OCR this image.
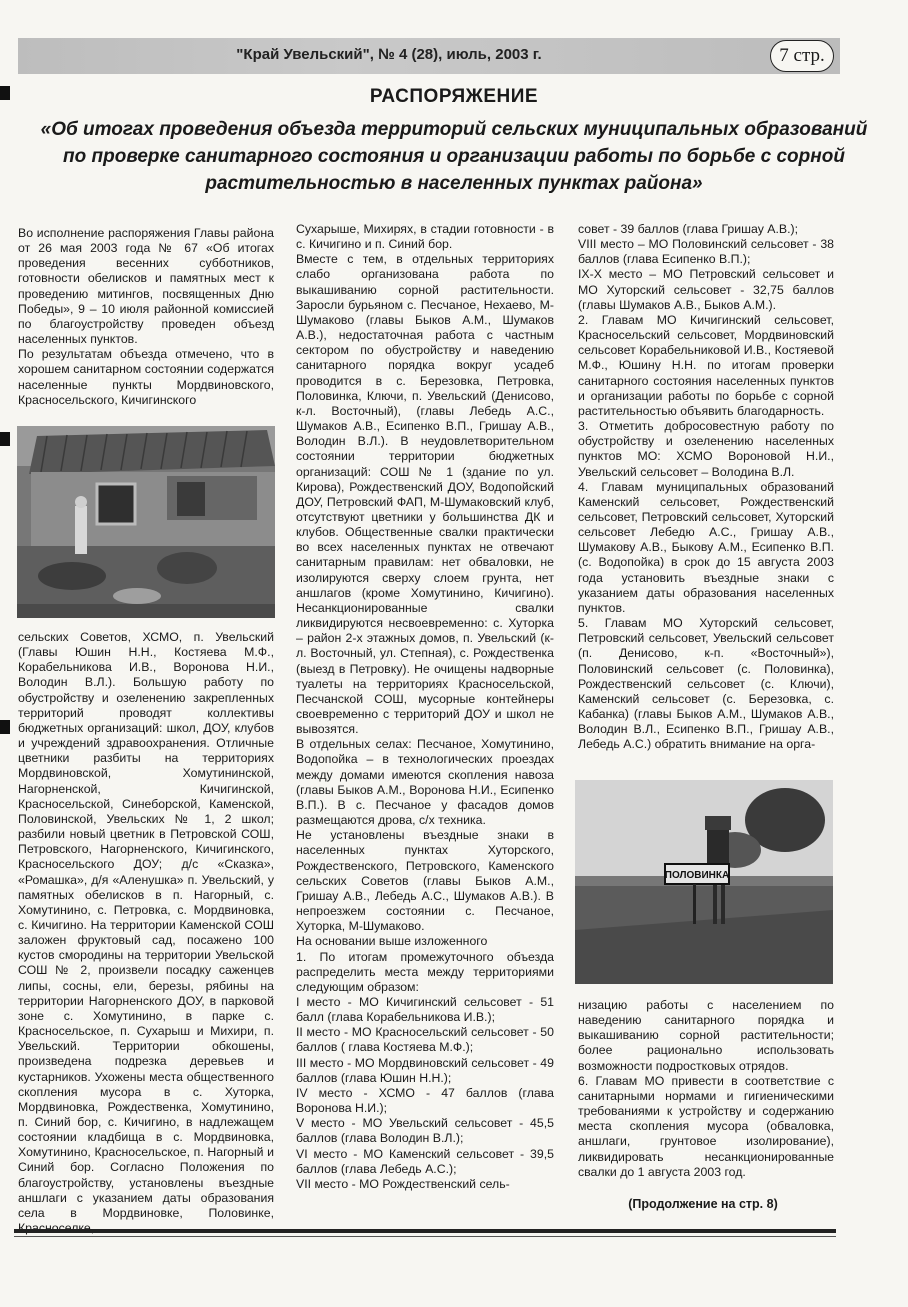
"Край Увельский", № 4 (28), июль, 2003 г.	7 стр.
РАСПОРЯЖЕНИЕ
«Об итогах проведения объезда территорий сельских муниципальных образований по проверке санитарного состояния и организации работы по борьбе с сорной растительностью в населенных пунктах района»
Во исполнение распоряжения Главы района от 26 мая 2003 года № 67 «Об итогах проведения весенних субботников, готовности обелисков и памятных мест к проведению митингов, посвященных Дню Победы», 9 – 10 июля районной комиссией по благоустройству проведен объезд населенных пунктов.
По результатам объезда отмечено, что в хорошем санитарном состоянии содержатся населенные пункты Мордвиновского, Красносельского, Кичигинского
сельских Советов, ХСМО, п. Увельский (Главы Юшин Н.Н., Костяева М.Ф., Корабельникова И.В., Воронова Н.И., Володин В.Л.). Большую работу по обустройству и озеленению закрепленных территорий проводят коллективы бюджетных организаций: школ, ДОУ, клубов и учреждений здравоохранения. Отличные цветники разбиты на территориях Мордвиновской, Хомутининской, Нагорненской, Кичигинской, Красносельской, Синеборской, Каменской, Половинской, Увельских № 1, 2 школ; разбили новый цветник в Петровской СОШ, Петровского, Нагорненского, Кичигинского, Красносельского ДОУ; д/с «Сказка», «Ромашка», д/я «Аленушка» п. Увельский, у памятных обелисков в п. Нагорный, с. Хомутинино, с. Петровка, с. Мордвиновка, с. Кичигино. На территории Каменской СОШ заложен фруктовый сад, посажено 100 кустов смородины на территории Увельской СОШ № 2, произвели посадку саженцев липы, сосны, ели, березы, рябины на территории Нагорненского ДОУ, в парковой зоне с. Хомутинино, в парке с. Красносельское, п. Сухарыш и Михири, п. Увельский. Территории обкошены, произведена подрезка деревьев и кустарников. Ухожены места общественного скопления мусора в с. Хуторка, Мордвиновка, Рождественка, Хомутинино, п. Синий бор, с. Кичигино, в надлежащем состоянии кладбища в с. Мордвиновка, Хомутинино, Красносельское, п. Нагорный и Синий бор. Согласно Положения по благоустройству, установлены въездные аншлаги с указанием даты образования села в Мордвиновке, Половинке,
Сухарыше, Михирях, в стадии готовности - в с. Кичигино и п. Синий бор.
Вместе с тем, в отдельных территориях слабо организована работа по выкашиванию сорной растительности. Заросли бурьяном с. Песчаное, Нехаево, М-Шумаково (главы Быков А.М., Шумаков А.В.), недостаточная работа с частным сектором по обустройству и наведению санитарного порядка вокруг усадеб проводится в с. Березовка, Петровка, Половинка, Ключи, п. Увельский (Денисово, к-л. Восточный), (главы Лебедь А.С., Шумаков А.В., Есипенко В.П., Гришау А.В., Володин В.Л.). В неудовлетворительном состоянии территории бюджетных организаций: СОШ № 1 (здание по ул. Кирова), Рождественский ДОУ, Водопойский ДОУ, Петровский ФАП, М-Шумаковский клуб, отсутствуют цветники у большинства ДК и клубов. Общественные свалки практически во всех населенных пунктах не отвечают санитарным правилам: нет обваловки, не изолируются сверху слоем грунта, нет аншлагов (кроме Хомутинино, Кичигино). Несанкционированные свалки ликвидируются несвоевременно: с. Хуторка – район 2-х этажных домов, п. Увельский (к-л. Восточный, ул. Степная), с. Рождественка (выезд в Петровку). Не очищены надворные туалеты на территориях Красносельской, Песчанской СОШ, мусорные контейнеры своевременно с территорий ДОУ и школ не вывозятся.
В отдельных селах: Песчаное, Хомутинино, Водопойка – в технологических проездах между домами имеются скопления навоза (главы Быков А.М., Воронова Н.И., Есипенко В.П.). В с. Песчаное у фасадов домов размещаются дрова, с/х техника.
Не установлены въездные знаки в населенных пунктах Хуторского, Рождественского, Петровского, Каменского сельских Советов (главы Быков А.М., Гришау А.В., Лебедь А.С., Шумаков А.В.). В непроезжем состоянии с. Песчаное, Хуторка, М-Шумаково.
На основании выше изложенного
1. По итогам промежуточного объезда распределить места между территориями следующим образом:
I место - МО Кичигинский сельсовет - 51 балл (глава Корабельникова И.В.);
II место - МО Красносельский сельсовет - 50 баллов ( глава Костяева М.Ф.);
III место - МО Мордвиновский сельсовет - 49 баллов (глава Юшин Н.Н.);
IV место - ХСМО - 47 баллов (глава Воронова Н.И.);
V место - МО Увельский сельсовет - 45,5 баллов (глава Володин В.Л.);
VI место - МО Каменский сельсовет - 39,5 баллов (глава Лебедь А.С.);
VII место - МО Рождественский сель-
совет - 39 баллов (глава Гришау А.В.);
VIII место – МО Половинский сельсовет - 38 баллов (глава Есипенко В.П.);
IX-X место – МО Петровский сельсовет и МО Хуторский сельсовет - 32,75 баллов (главы Шумаков А.В., Быков А.М.).
2. Главам МО Кичигинский сельсовет, Красносельский сельсовет, Мордвиновский сельсовет Корабельниковой И.В., Костяевой М.Ф., Юшину Н.Н. по итогам проверки санитарного состояния населенных пунктов и организации работы по борьбе с сорной растительностью объявить благодарность.
3. Отметить добросовестную работу по обустройству и озеленению населенных пунктов МО: ХСМО Вороновой Н.И., Увельский сельсовет – Володина В.Л.
4. Главам муниципальных образований Каменский сельсовет, Рождественский сельсовет, Петровский сельсовет, Хуторский сельсовет Лебедю А.С., Гришау А.В., Шумакову А.В., Быкову А.М., Есипенко В.П. (с. Водопойка) в срок до 15 августа 2003 года установить въездные знаки с указанием даты образования населенных пунктов.
5. Главам МО Хуторский сельсовет, Петровский сельсовет, Увельский сельсовет (п. Денисово, к-п. «Восточный»), Половинский сельсовет (с. Половинка), Рождественский сельсовет (с. Ключи), Каменский сельсовет (с. Березовка, с. Кабанка) (главы Быков А.М., Шумаков А.В., Володин В.Л., Есипенко В.П., Гришау А.В., Лебедь А.С.) обратить внимание на орга-
ПОЛОВИНКА
низацию работы с населением по наведению санитарного порядка и выкашиванию сорной растительности; более рационально использовать возможности подростковых отрядов.
6. Главам МО привести в соответствие с санитарными нормами и гигиеническими требованиями к устройству и содержанию места скопления мусора (обваловка, аншлаги, грунтовое изолирование), ликвидировать несанкционированные свалки до 1 августа 2003 год.
(Продолжение на стр. 8)
